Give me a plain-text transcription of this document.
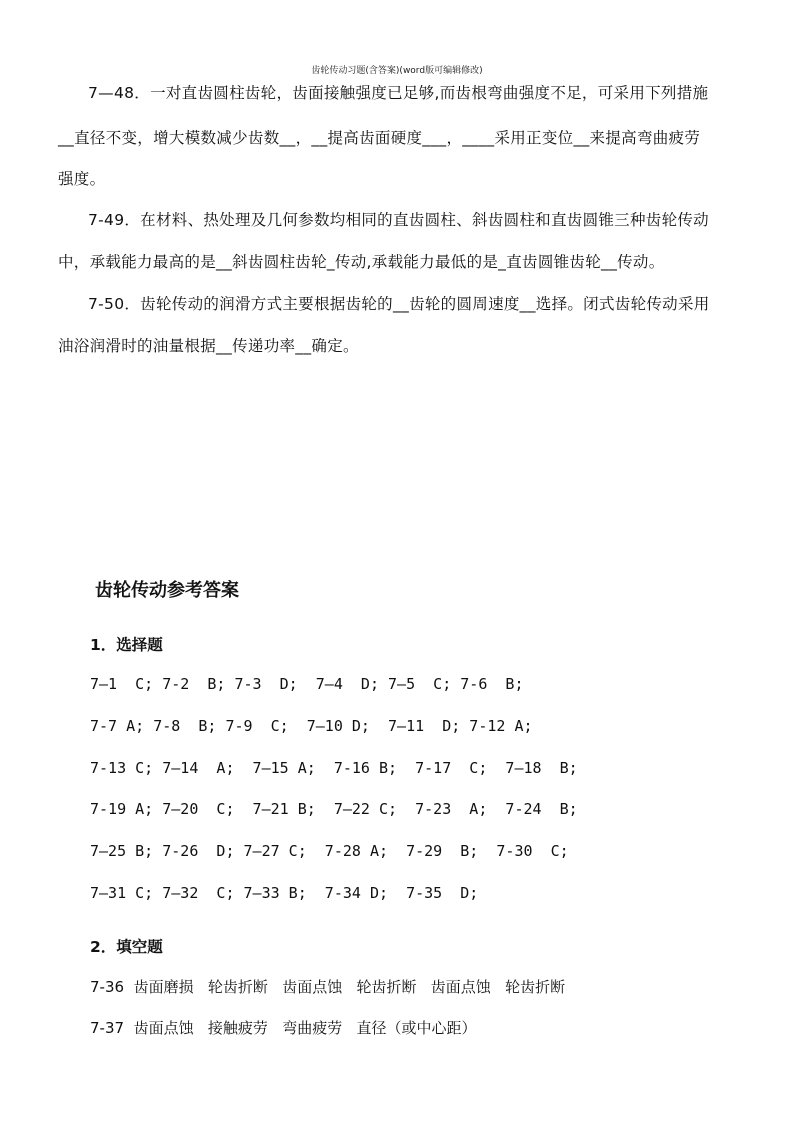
齿轮传动习题(含答案)(word版可编辑修改)

7—48．一对直齿圆柱齿轮，齿面接触强度已足够,而齿根弯曲强度不足，可采用下列措施

__直径不变，增大模数减少齿数__，__提高齿面硬度___，____采用正变位__来提高弯曲疲劳

强度。

7-49．在材料、热处理及几何参数均相同的直齿圆柱、斜齿圆柱和直齿圆锥三种齿轮传动

中，承载能力最高的是__斜齿圆柱齿轮_传动,承载能力最低的是_直齿圆锥齿轮__传动。

7-50．齿轮传动的润滑方式主要根据齿轮的__齿轮的圆周速度__选择。闭式齿轮传动采用

油浴润滑时的油量根据__传递功率__确定。

齿轮传动参考答案
1．选择题
7—1  C; 7-2  B; 7-3  D;  7—4  D; 7—5  C; 7-6  B;
7-7 A; 7-8  B; 7-9  C;  7—10 D;  7—11  D; 7-12 A;
7-13 C; 7—14  A;  7—15 A;  7-16 B;  7-17  C;  7—18  B;
7-19 A; 7—20  C;  7—21 B;  7—22 C;  7-23  A;  7-24  B;
7—25 B; 7-26  D; 7—27 C;  7-28 A;  7-29  B;  7-30  C;
7—31 C; 7—32  C; 7—33 B;  7-34 D;  7-35  D;
2．填空题
7-36  齿面磨损   轮齿折断   齿面点蚀   轮齿折断   齿面点蚀   轮齿折断
7-37  齿面点蚀   接触疲劳   弯曲疲劳   直径（或中心距）
